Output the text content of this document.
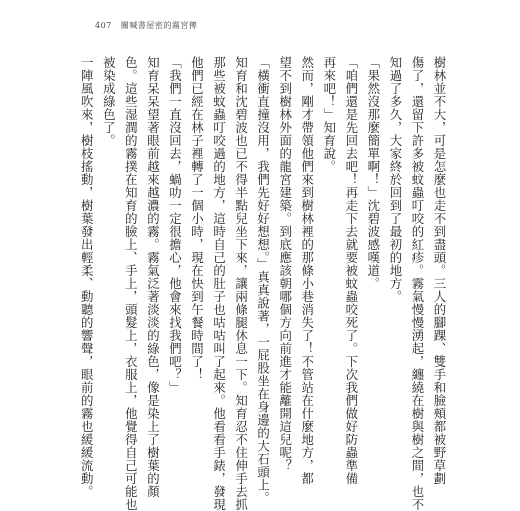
407 關喊書屋密的霧宮傳
樹林並不大，可是怎麼也走不到盡頭。三人的腳踝、雙手和臉頰都被野草劃
傷了，還留下許多被蚊蟲叮咬的紅疹。霧氣慢慢湧起，纏繞在樹與樹之間，也不
知過了多久，大家終於回到了最初的地方。
「果然沒那麼簡單啊！」沈碧波感嘆道。
「咱們還是先回去吧！再走下去就要被蚊蟲咬死了。下次我們做好防蟲準備
再來吧！」知育說。
然而，剛才帶領他們來到樹林裡的那條小巷消失了！不管站在什麼地方，都
望不到樹林外面的龍宮建築。到底應該朝哪個方向前進才能離開這兒呢？
「橫衝直撞沒用，我們先好好想想。」真真說著，一屁股坐在身邊的大石頭上。
知育和沈碧波也已不得半點兒坐下來，讓兩條腿休息一下。知育忍不住伸手去抓
那些被蚊蟲叮咬過的地方，這時自己的肚子也咕咕叫了起來。他看看手錶，發現
他們已經在林子裡轉了一個小時，現在快到午餐時間了！
「我們一直沒回去，蝸叻一定很擔心，他會來找我們吧？」
知育呆呆望著眼前越來越濃的霧。霧氣泛著淡淡的綠色，像是染上了樹葉的顏
色。這些湿潤的霧撲在知育的臉上、手上，頭髮上，衣服上，他覺得自己可能也
被染成綠色了。
一陣風吹來，樹枝搖動，樹葉發出輕柔、動聽的響聲，眼前的霧也緩緩流動。
